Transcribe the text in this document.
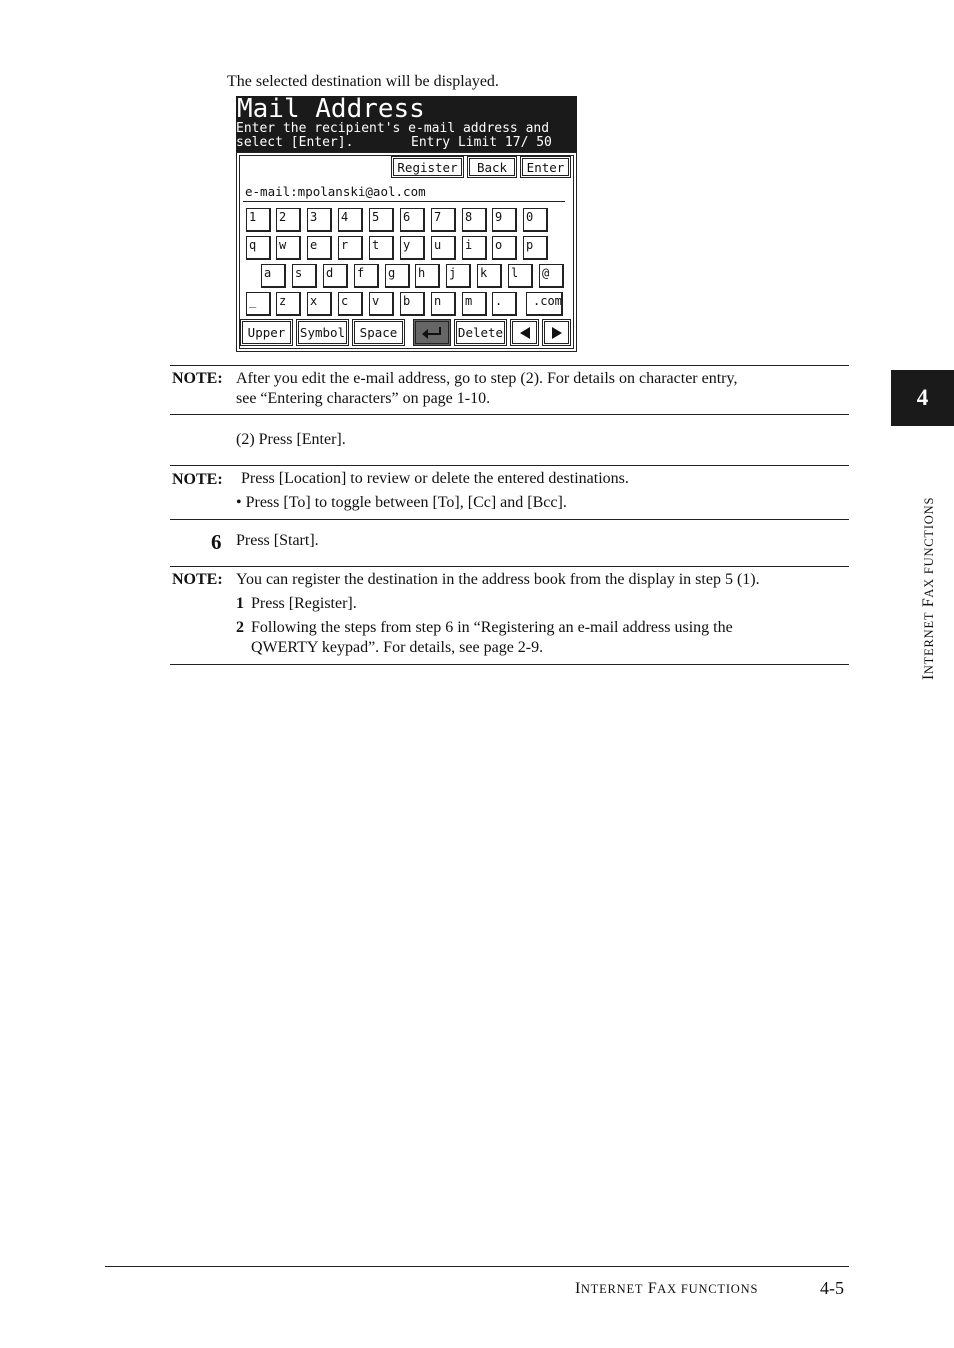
The selected destination will be displayed.
Mail Address
Enter the recipient's e-mail address and
select [Enter].	Entry Limit 17/ 50
Register	Back	Enter
e-mail:mpolanski@aol.com
1	2	3	4	5	6	7	8	9	0
q	w	e	r	t	y	u	i	o	p
a	s	d	f	g	h	j	k	l	@
_	z	x	c	v	b	n	m	.	.com
Upper	Symbol	Space	Delete
NOTE: After you edit the e-mail address, go to step (2). For details on character entry,
see “Entering characters” on page 1-10.
(2) Press [Enter].
NOTE: Press [Location] to review or delete the entered destinations.
• Press [To] to toggle between [To], [Cc] and [Bcc].
6 Press [Start].
NOTE: You can register the destination in the address book from the display in step 5 (1).
1 Press [Register].
2 Following the steps from step 6 in “Registering an e-mail address using the
QWERTY keypad”. For details, see page 2-9.
4
INTERNET FAX FUNCTIONS
INTERNET FAX FUNCTIONS	4-5
